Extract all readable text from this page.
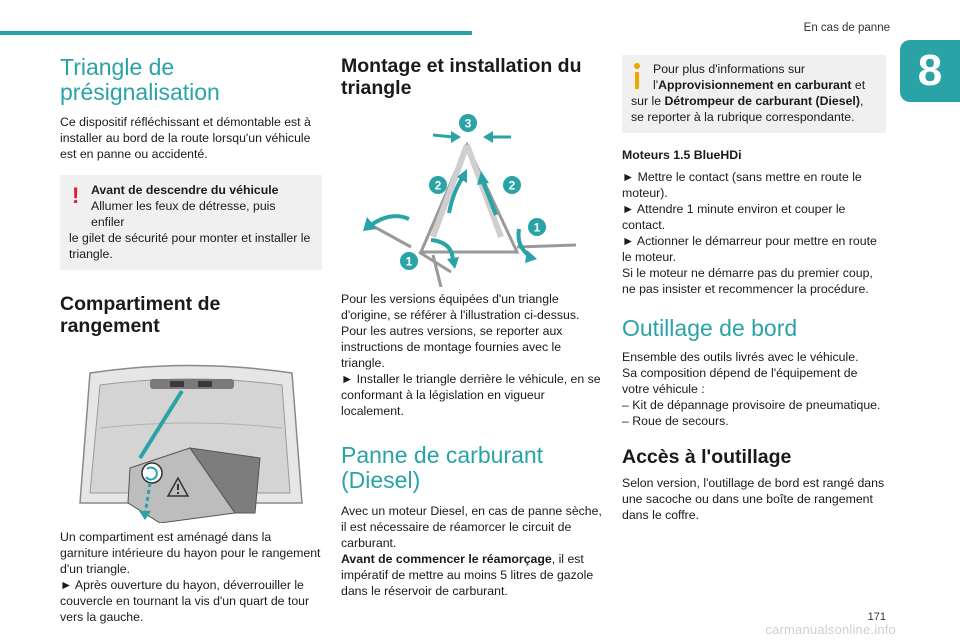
En cas de panne
8
Triangle de
présignalisation

Ce dispositif réfléchissant et démontable est à installer au bord de la route lorsqu'un véhicule est en panne ou accidenté.

! Avant de descendre du véhicule

Allumer les feux de détresse, puis enfiler

le gilet de sécurité pour monter et installer le triangle.

Compartiment de rangement

Un compartiment est aménagé dans la garniture intérieure du hayon pour le rangement d'un triangle.

► Après ouverture du hayon, déverrouiller le couvercle en tournant la vis d'un quart de tour vers la gauche.

Montage et installation du
triangle
3
2	2
1
1

Pour les versions équipées d'un triangle d'origine, se référer à l'illustration ci-dessus.

Pour les autres versions, se reporter aux instructions de montage fournies avec le triangle.

► Installer le triangle derrière le véhicule, en se conformant à la législation en vigueur localement.

Panne de carburant
(Diesel)

Avec un moteur Diesel, en cas de panne sèche, il est nécessaire de réamorcer le circuit de carburant.

Avant de commencer le réamorçage, il est impératif de mettre au moins 5 litres de gazole dans le réservoir de carburant.

Pour plus d'informations sur

l'Approvisionnement en carburant et

sur le Détrompeur de carburant (Diesel), se reporter à la rubrique correspondante.

Moteurs 1.5 BlueHDi

► Mettre le contact (sans mettre en route le moteur).

► Attendre 1 minute environ et couper le contact.

► Actionner le démarreur pour mettre en route le moteur.

Si le moteur ne démarre pas du premier coup, ne pas insister et recommencer la procédure.

Outillage de bord

Ensemble des outils livrés avec le véhicule.

Sa composition dépend de l'équipement de votre véhicule :

– Kit de dépannage provisoire de pneumatique.

– Roue de secours.

Accès à l'outillage

Selon version, l'outillage de bord est rangé dans une sacoche ou dans une boîte de rangement dans le coffre.

171
carmanualsonline.info
